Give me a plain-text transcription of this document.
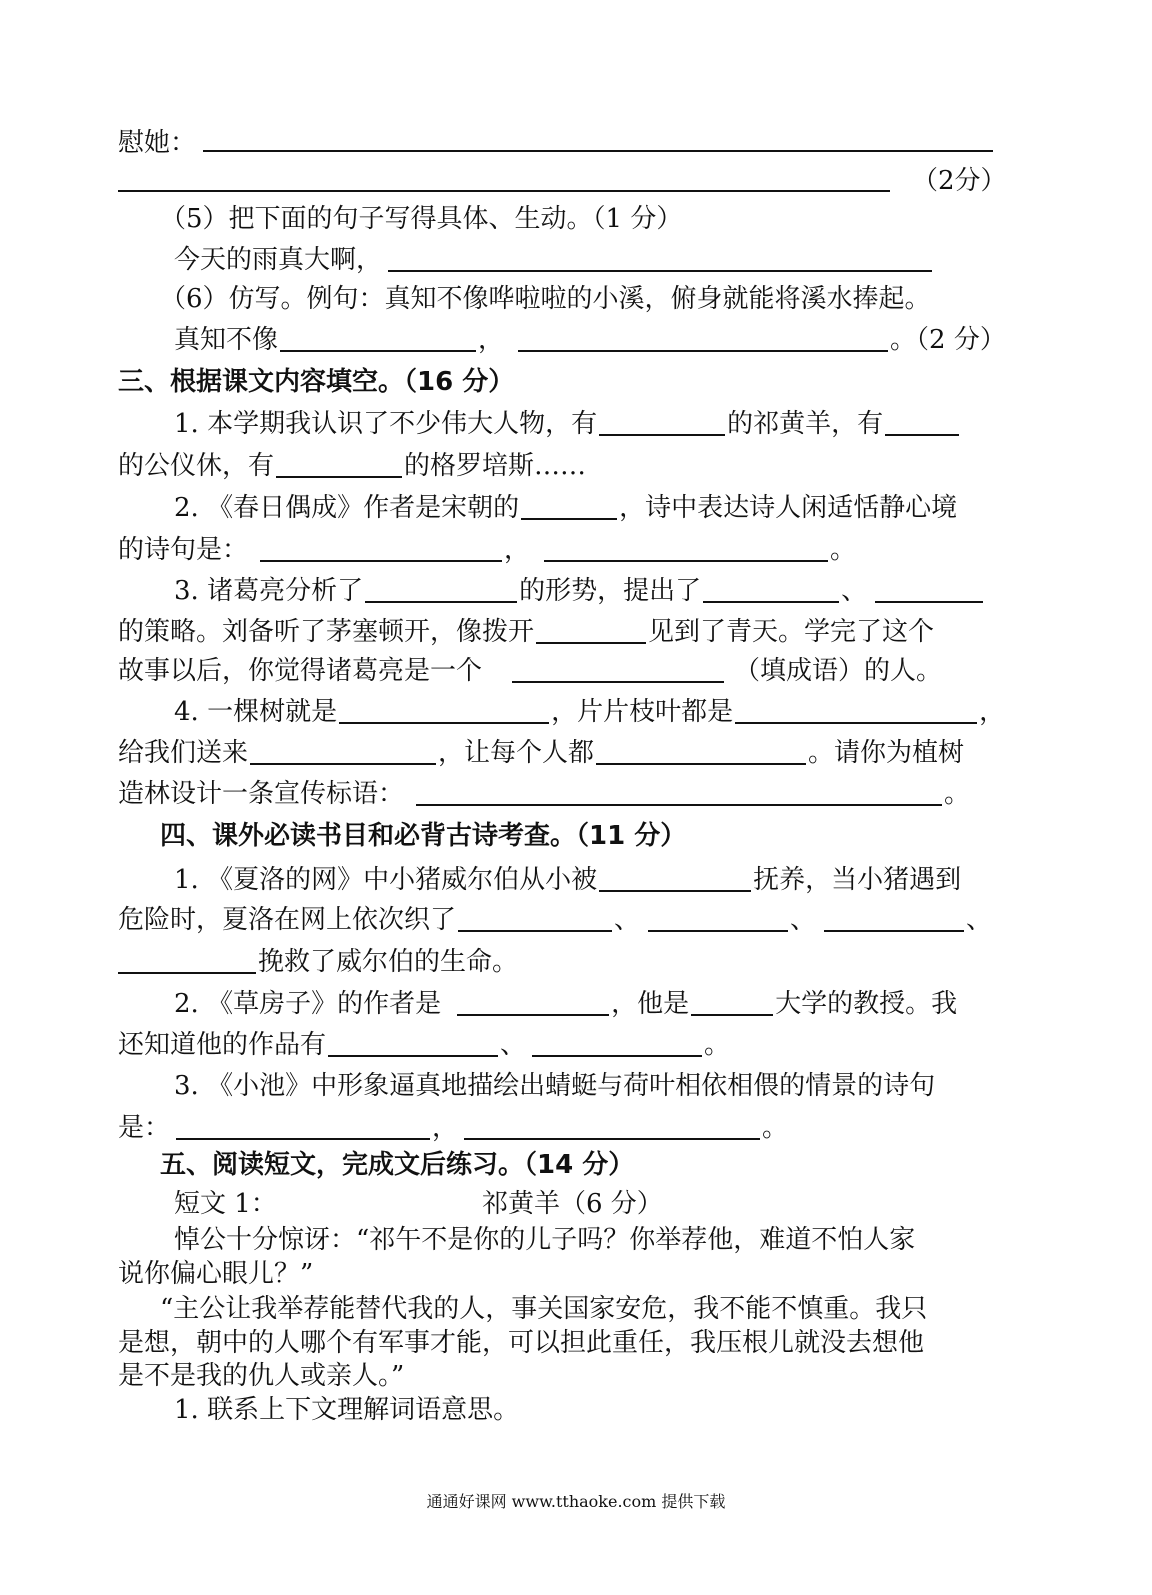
慰她：
（2分）
（5）把下面的句子写得具体、生动。（1 分）
今天的雨真大啊，
（6）仿写。例句：真知不像哗啦啦的小溪，俯身就能将溪水捧起。
真知不像	，	。（2 分）
三、根据课文内容填空。（16 分）
1. 本学期我认识了不少伟大人物，有	的祁黄羊，有
的公仪休，有	的格罗培斯……
2. 《春日偶成》作者是宋朝的	，诗中表达诗人闲适恬静心境
的诗句是：	，	。
3. 诸葛亮分析了	的形势，提出了	、
的策略。刘备听了茅塞顿开，像拨开	见到了青天。学完了这个
故事以后，你觉得诸葛亮是一个	（填成语）的人。
4. 一棵树就是	，片片枝叶都是	，
给我们送来	，让每个人都	。请你为植树
造林设计一条宣传标语：	。
四、课外必读书目和必背古诗考查。（11 分）
1. 《夏洛的网》中小猪威尔伯从小被	抚养，当小猪遇到
危险时，夏洛在网上依次织了	、	、	、
挽救了威尔伯的生命。
2. 《草房子》的作者是	，他是	大学的教授。我
还知道他的作品有	、	。
3. 《小池》中形象逼真地描绘出蜻蜓与荷叶相依相偎的情景的诗句
是：	，	。
五、阅读短文，完成文后练习。（14 分）
短文 1：	祁黄羊（6 分）
悼公十分惊讶：“祁午不是你的儿子吗？你举荐他，难道不怕人家
说你偏心眼儿？”
“主公让我举荐能替代我的人，事关国家安危，我不能不慎重。我只
是想，朝中的人哪个有军事才能，可以担此重任，我压根儿就没去想他
是不是我的仇人或亲人。”
1. 联系上下文理解词语意思。
通通好课网 www.tthaoke.com 提供下载
